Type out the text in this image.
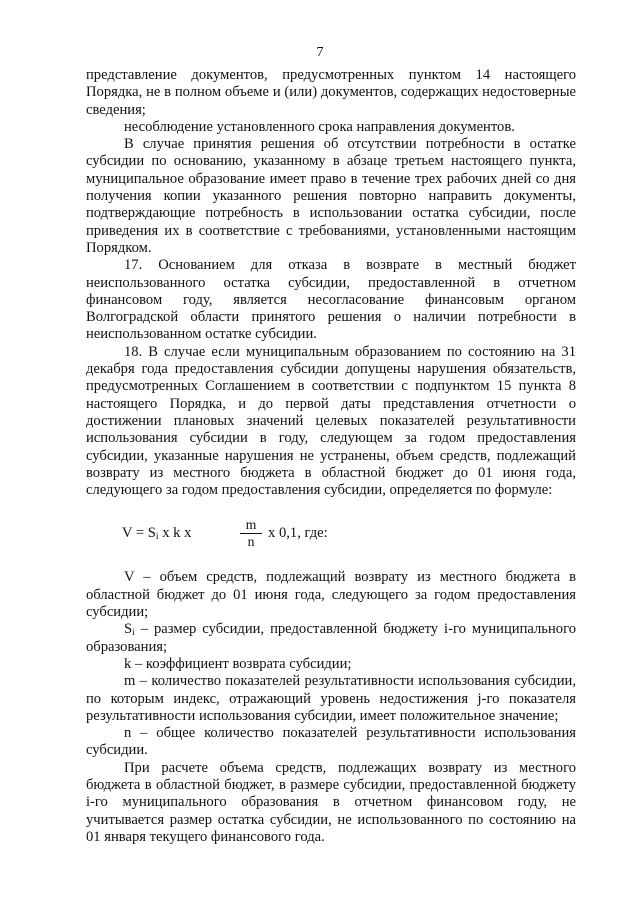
7

представление документов, предусмотренных пунктом 14 настоящего Порядка, не в полном объеме и (или) документов, содержащих недостоверные сведения;

несоблюдение установленного срока направления документов.

В случае принятия решения об отсутствии потребности в остатке субсидии по основанию, указанному в абзаце третьем настоящего пункта, муниципальное образование имеет право в течение трех рабочих дней со дня получения копии указанного решения повторно направить документы, подтверждающие потребность в использовании остатка субсидии, после приведения их в соответствие с требованиями, установленными настоящим Порядком.

17. Основанием для отказа в возврате в местный бюджет неиспользованного остатка субсидии, предоставленной в отчетном финансовом году, является несогласование финансовым органом Волгоградской области принятого решения о наличии потребности в неиспользованном остатке субсидии.

18. В случае если муниципальным образованием по состоянию на 31 декабря года предоставления субсидии допущены нарушения обязательств, предусмотренных Соглашением в соответствии с подпунктом 15 пункта 8 настоящего Порядка, и до первой даты представления отчетности о достижении плановых значений целевых показателей результативности использования субсидии в году, следующем за годом предоставления субсидии, указанные нарушения не устранены, объем средств, подлежащий возврату из местного бюджета в областной бюджет до 01 июня года, следующего за годом предоставления субсидии, определяется по формуле:

$V = S_i$ x k x
m
n
x 0,1, где:

V – объем средств, подлежащий возврату из местного бюджета в областной бюджет до 01 июня года, следующего за годом предоставления субсидии;

$S_i$ – размер субсидии, предоставленной бюджету i-го муниципального образования;

k – коэффициент возврата субсидии;

m – количество показателей результативности использования субсидии, по которым индекс, отражающий уровень недостижения j-го показателя результативности использования субсидии, имеет положительное значение;

n – общее количество показателей результативности использования субсидии.

При расчете объема средств, подлежащих возврату из местного бюджета в областной бюджет, в размере субсидии, предоставленной бюджету i-го муниципального образования в отчетном финансовом году, не учитывается размер остатка субсидии, не использованного по состоянию на 01 января текущего финансового года.
